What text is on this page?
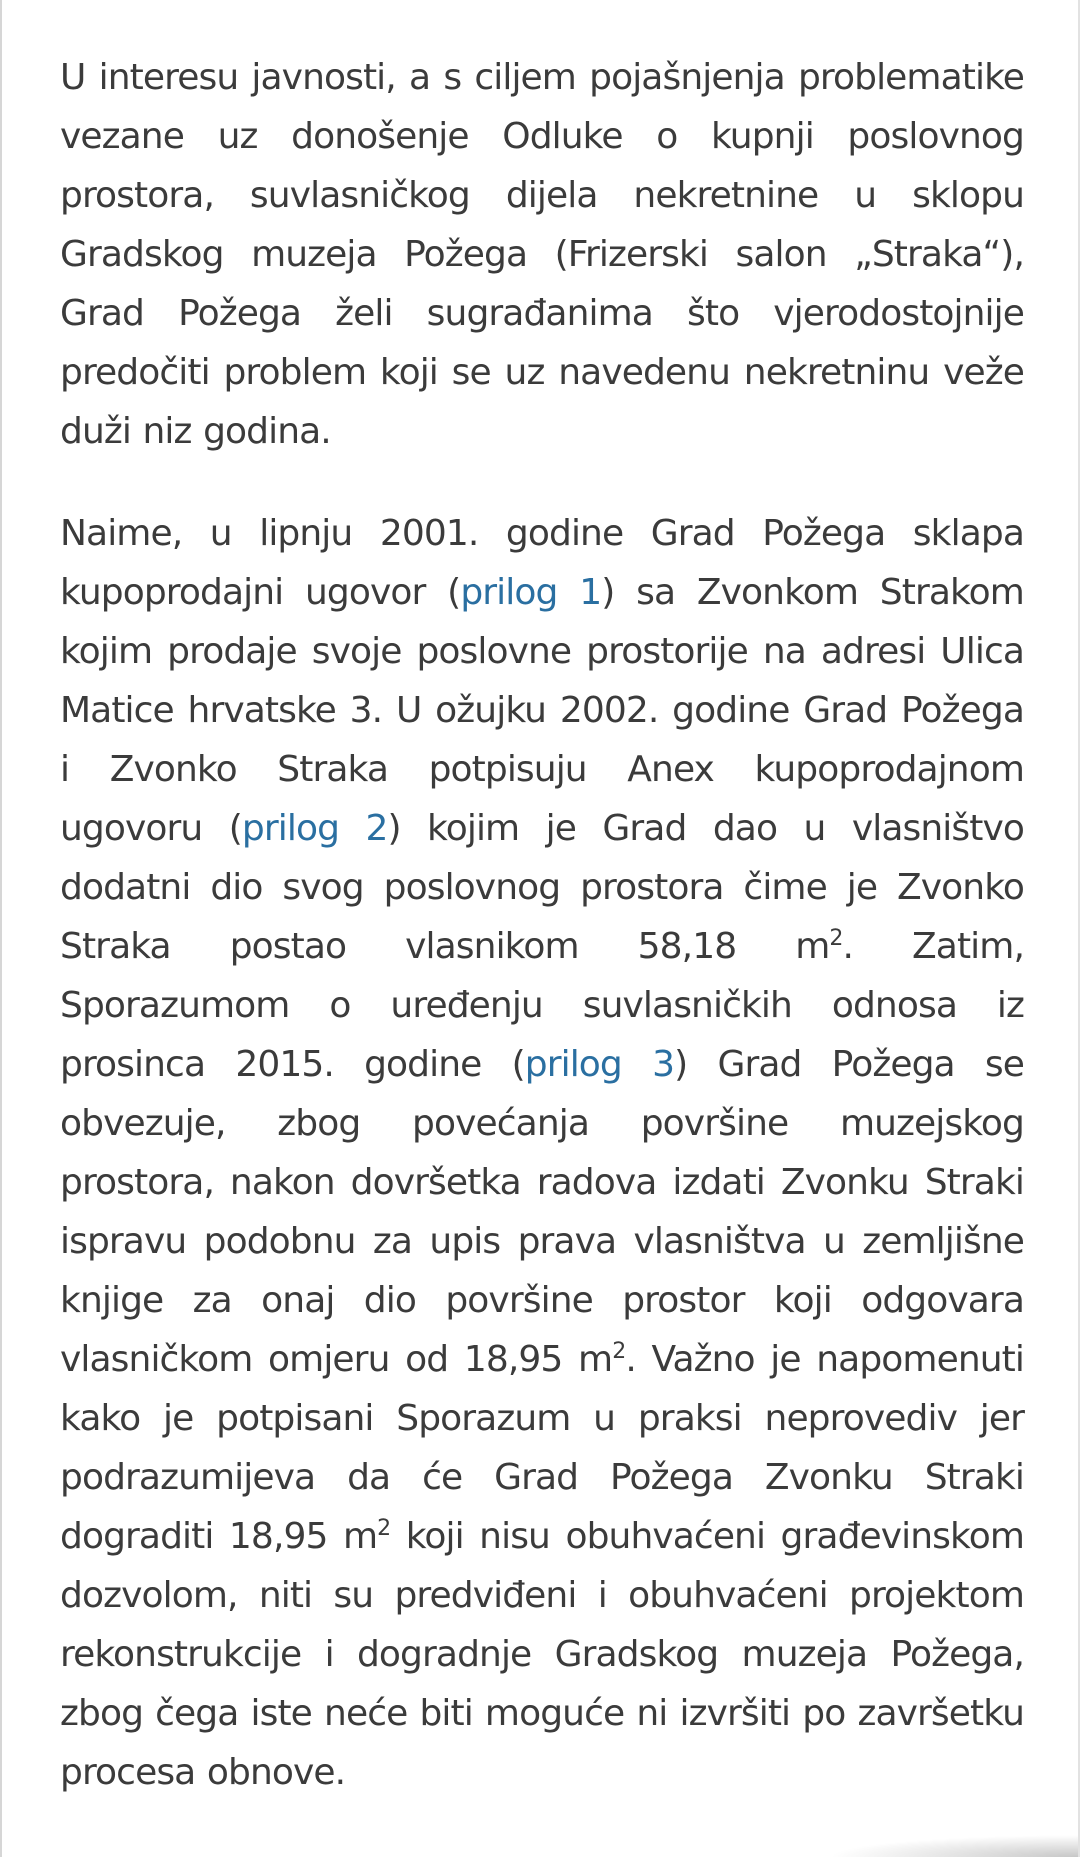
U interesu javnosti, a s ciljem pojašnjenja problematike vezane uz donošenje Odluke o kupnji poslovnog prostora, suvlasničkog dijela nekretnine u sklopu Gradskog muzeja Požega (Frizerski salon „Straka“), Grad Požega želi sugrađanima što vjerodostojnije predočiti problem koji se uz navedenu nekretninu veže duži niz godina.

Naime, u lipnju 2001. godine Grad Požega sklapa kupoprodajni ugovor (prilog 1) sa Zvonkom Strakom kojim prodaje svoje poslovne prostorije na adresi Ulica Matice hrvatske 3. U ožujku 2002. godine Grad Požega i Zvonko Straka potpisuju Anex kupoprodajnom ugovoru (prilog 2) kojim je Grad dao u vlasništvo dodatni dio svog poslovnog prostora čime je Zvonko Straka postao vlasnikom 58,18 $m^2$. Zatim, Sporazumom o uređenju suvlasničkih odnosa iz prosinca 2015. godine (prilog 3) Grad Požega se obvezuje, zbog povećanja površine muzejskog prostora, nakon dovršetka radova izdati Zvonku Straki ispravu podobnu za upis prava vlasništva u zemljišne knjige za onaj dio površine prostor koji odgovara vlasničkom omjeru od 18,95 $m^2$. Važno je napomenuti kako je potpisani Sporazum u praksi neprovediv jer podrazumijeva da će Grad Požega Zvonku Straki dograditi 18,95 $m^2$ koji nisu obuhvaćeni građevinskom dozvolom, niti su predviđeni i obuhvaćeni projektom rekonstrukcije i dogradnje Gradskog muzeja Požega, zbog čega iste neće biti moguće ni izvršiti po završetku procesa obnove.
